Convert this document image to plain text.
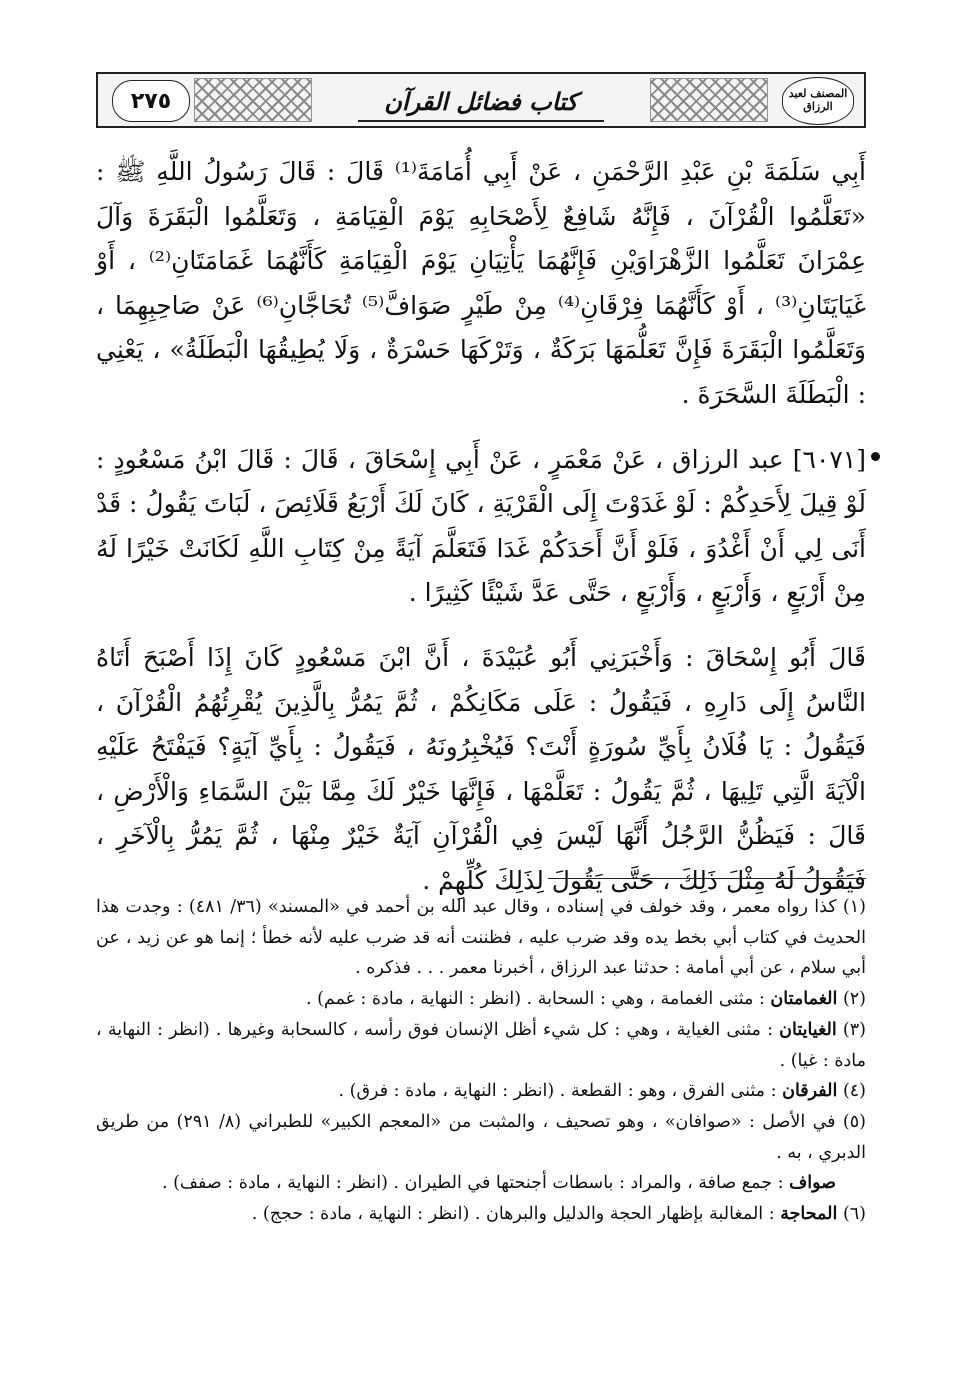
٢٧٥	كتاب فضائل القرآن	المصنف لعبد الرزاق

أَبِي سَلَمَةَ بْنِ عَبْدِ الرَّحْمَنِ ، عَنْ أَبِي أُمَامَةَ⁽¹⁾ قَالَ : قَالَ رَسُولُ اللَّهِ ﷺ : «تَعَلَّمُوا الْقُرْآنَ ، فَإِنَّهُ شَافِعٌ لِأَصْحَابِهِ يَوْمَ الْقِيَامَةِ ، وَتَعَلَّمُوا الْبَقَرَةَ وَآلَ عِمْرَانَ تَعَلَّمُوا الزَّهْرَاوَيْنِ فَإِنَّهُمَا يَأْتِيَانِ يَوْمَ الْقِيَامَةِ كَأَنَّهُمَا غَمَامَتَانِ⁽²⁾ ، أَوْ غَيَايَتَانِ⁽³⁾ ، أَوْ كَأَنَّهُمَا فِرْقَانِ⁽⁴⁾ مِنْ طَيْرٍ صَوَافَّ⁽⁵⁾ تُحَاجَّانِ⁽⁶⁾ عَنْ صَاحِبِهِمَا ، وَتَعَلَّمُوا الْبَقَرَةَ فَإِنَّ تَعَلُّمَهَا بَرَكَةٌ ، وَتَرْكَهَا حَسْرَةٌ ، وَلَا يُطِيقُهَا الْبَطَلَةُ» ، يَعْنِي : الْبَطَلَةَ السَّحَرَةَ .

[٦٠٧١] عبد الرزاق ، عَنْ مَعْمَرٍ ، عَنْ أَبِي إِسْحَاقَ ، قَالَ : قَالَ ابْنُ مَسْعُودٍ : لَوْ قِيلَ لِأَحَدِكُمْ : لَوْ غَدَوْتَ إِلَى الْقَرْيَةِ ، كَانَ لَكَ أَرْبَعُ قَلَائِصَ ، لَبَاتَ يَقُولُ : قَدْ أَنَى لِي أَنْ أَغْدُوَ ، فَلَوْ أَنَّ أَحَدَكُمْ غَدَا فَتَعَلَّمَ آيَةً مِنْ كِتَابِ اللَّهِ لَكَانَتْ خَيْرًا لَهُ مِنْ أَرْبَعٍ ، وَأَرْبَعٍ ، وَأَرْبَعٍ ، حَتَّى عَدَّ شَيْئًا كَثِيرًا .

قَالَ أَبُو إِسْحَاقَ : وَأَخْبَرَنِي أَبُو عُبَيْدَةَ ، أَنَّ ابْنَ مَسْعُودٍ كَانَ إِذَا أَصْبَحَ أَتَاهُ النَّاسُ إِلَى دَارِهِ ، فَيَقُولُ : عَلَى مَكَانِكُمْ ، ثُمَّ يَمُرُّ بِالَّذِينَ يُقْرِئُهُمُ الْقُرْآنَ ، فَيَقُولُ : يَا فُلَانُ بِأَيِّ سُورَةٍ أَنْتَ؟ فَيُخْبِرُونَهُ ، فَيَقُولُ : بِأَيِّ آيَةٍ؟ فَيَفْتَحُ عَلَيْهِ الْآيَةَ الَّتِي تَلِيهَا ، ثُمَّ يَقُولُ : تَعَلَّمْهَا ، فَإِنَّهَا خَيْرٌ لَكَ مِمَّا بَيْنَ السَّمَاءِ وَالْأَرْضِ ، قَالَ : فَيَظُنُّ الرَّجُلُ أَنَّهَا لَيْسَ فِي الْقُرْآنِ آيَةٌ خَيْرٌ مِنْهَا ، ثُمَّ يَمُرُّ بِالْآخَرِ ، فَيَقُولُ لَهُ مِثْلَ ذَلِكَ ، حَتَّى يَقُولَ لِذَلِكَ كُلِّهِمْ .

(١) كذا رواه معمر ، وقد خولف في إسناده ، وقال عبد الله بن أحمد في «المسند» (٣٦/ ٤٨١) : وجدت هذا الحديث في كتاب أبي بخط يده وقد ضرب عليه ، فظننت أنه قد ضرب عليه لأنه خطأ ؛ إنما هو عن زيد ، عن أبي سلام ، عن أبي أمامة : حدثنا عبد الرزاق ، أخبرنا معمر . . . فذكره .

(٢) الغمامتان : مثنى الغمامة ، وهي : السحابة . (انظر : النهاية ، مادة : غمم) .

(٣) الغيايتان : مثنى الغياية ، وهي : كل شيء أظل الإنسان فوق رأسه ، كالسحابة وغيرها . (انظر : النهاية ، مادة : غيا) .

(٤) الفرقان : مثنى الفرق ، وهو : القطعة . (انظر : النهاية ، مادة : فرق) .

(٥) في الأصل : «صوافان» ، وهو تصحيف ، والمثبت من «المعجم الكبير» للطبراني (٨/ ٢٩١) من طريق الدبري ، به .

صواف : جمع صافة ، والمراد : باسطات أجنحتها في الطيران . (انظر : النهاية ، مادة : صفف) .

(٦) المحاجة : المغالبة بإظهار الحجة والدليل والبرهان . (انظر : النهاية ، مادة : حجج) .
